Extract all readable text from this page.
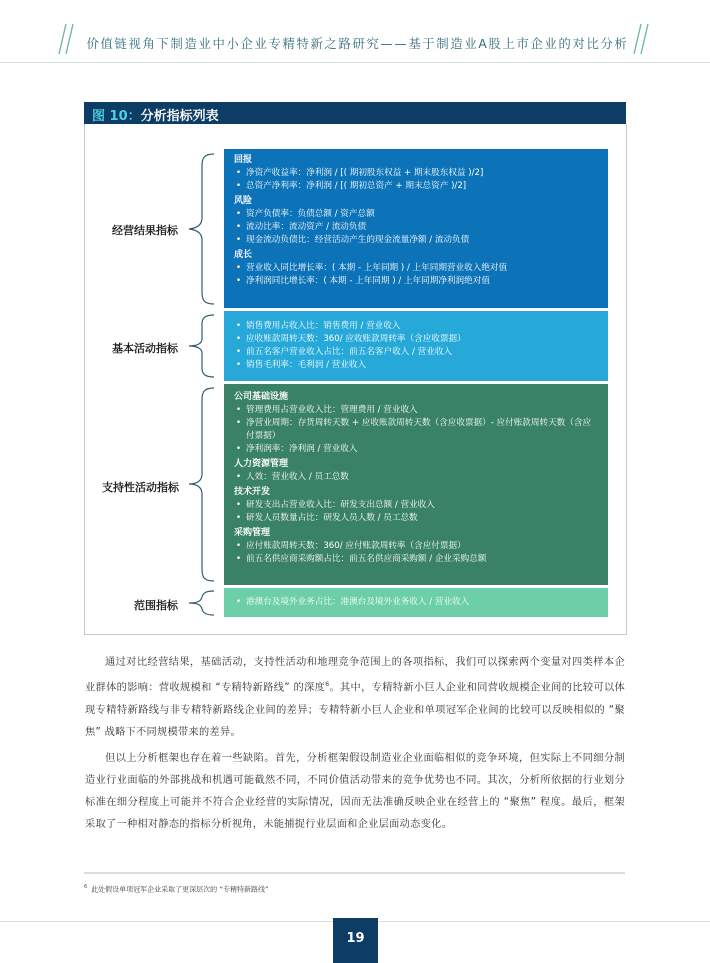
价值链视角下制造业中小企业专精特新之路研究——基于制造业A股上市企业的对比分析
图 10：分析指标列表
经营结果指标
基本活动指标
支持性活动指标
范围指标
回报
• 净资产收益率：净利润 / [( 期初股东权益 + 期末股东权益 )/2]
• 总资产净利率：净利润 / [( 期初总资产 + 期末总资产 )/2]
风险
• 资产负债率：负债总额 / 资产总额
• 流动比率：流动资产 / 流动负债
• 现金流动负债比：经营活动产生的现金流量净额 / 流动负债
成长
• 营业收入同比增长率：( 本期 - 上年同期 ) / 上年同期营业收入绝对值
• 净利润同比增长率：( 本期 - 上年同期 ) / 上年同期净利润绝对值
• 销售费用占收入比：销售费用 / 营业收入
• 应收账款周转天数：360/ 应收账款周转率（含应收票据）
• 前五名客户营业收入占比：前五名客户收入 / 营业收入
• 销售毛利率：毛利润 / 营业收入
公司基础设施
• 管理费用占营业收入比：管理费用 / 营业收入
• 净营业周期：存货周转天数 + 应收账款周转天数（含应收票据）- 应付账款周转天数（含应付票据）
• 净利润率：净利润 / 营业收入
人力资源管理
• 人效：营业收入 / 员工总数
技术开发
• 研发支出占营业收入比：研发支出总额 / 营业收入
• 研发人员数量占比：研发人员人数 / 员工总数
采购管理
• 应付账款周转天数：360/ 应付账款周转率（含应付票据）
• 前五名供应商采购额占比：前五名供应商采购额 / 企业采购总额
• 港澳台及境外业务占比：港澳台及境外业务收入 / 营业收入

通过对比经营结果，基础活动，支持性活动和地理竞争范围上的各项指标，我们可以探索两个变量对四类样本企业群体的影响：营收规模和 “专精特新路线” 的深度$^6$。其中，专精特新小巨人企业和同营收规模企业间的比较可以体现专精特新路线与非专精特新路线企业间的差异；专精特新小巨人企业和单项冠军企业间的比较可以反映相似的 “聚焦” 战略下不同规模带来的差异。

但以上分析框架也存在着一些缺陷。首先，分析框架假设制造业企业面临相似的竞争环境，但实际上不同细分制造业行业面临的外部挑战和机遇可能截然不同，不同价值活动带来的竞争优势也不同。其次，分析所依据的行业划分标准在细分程度上可能并不符合企业经营的实际情况，因而无法准确反映企业在经营上的 “聚焦” 程度。最后，框架采取了一种相对静态的指标分析视角，未能捕捉行业层面和企业层面动态变化。

$^6$ 此处假设单项冠军企业采取了更深层次的 “专精特新路线”
19
